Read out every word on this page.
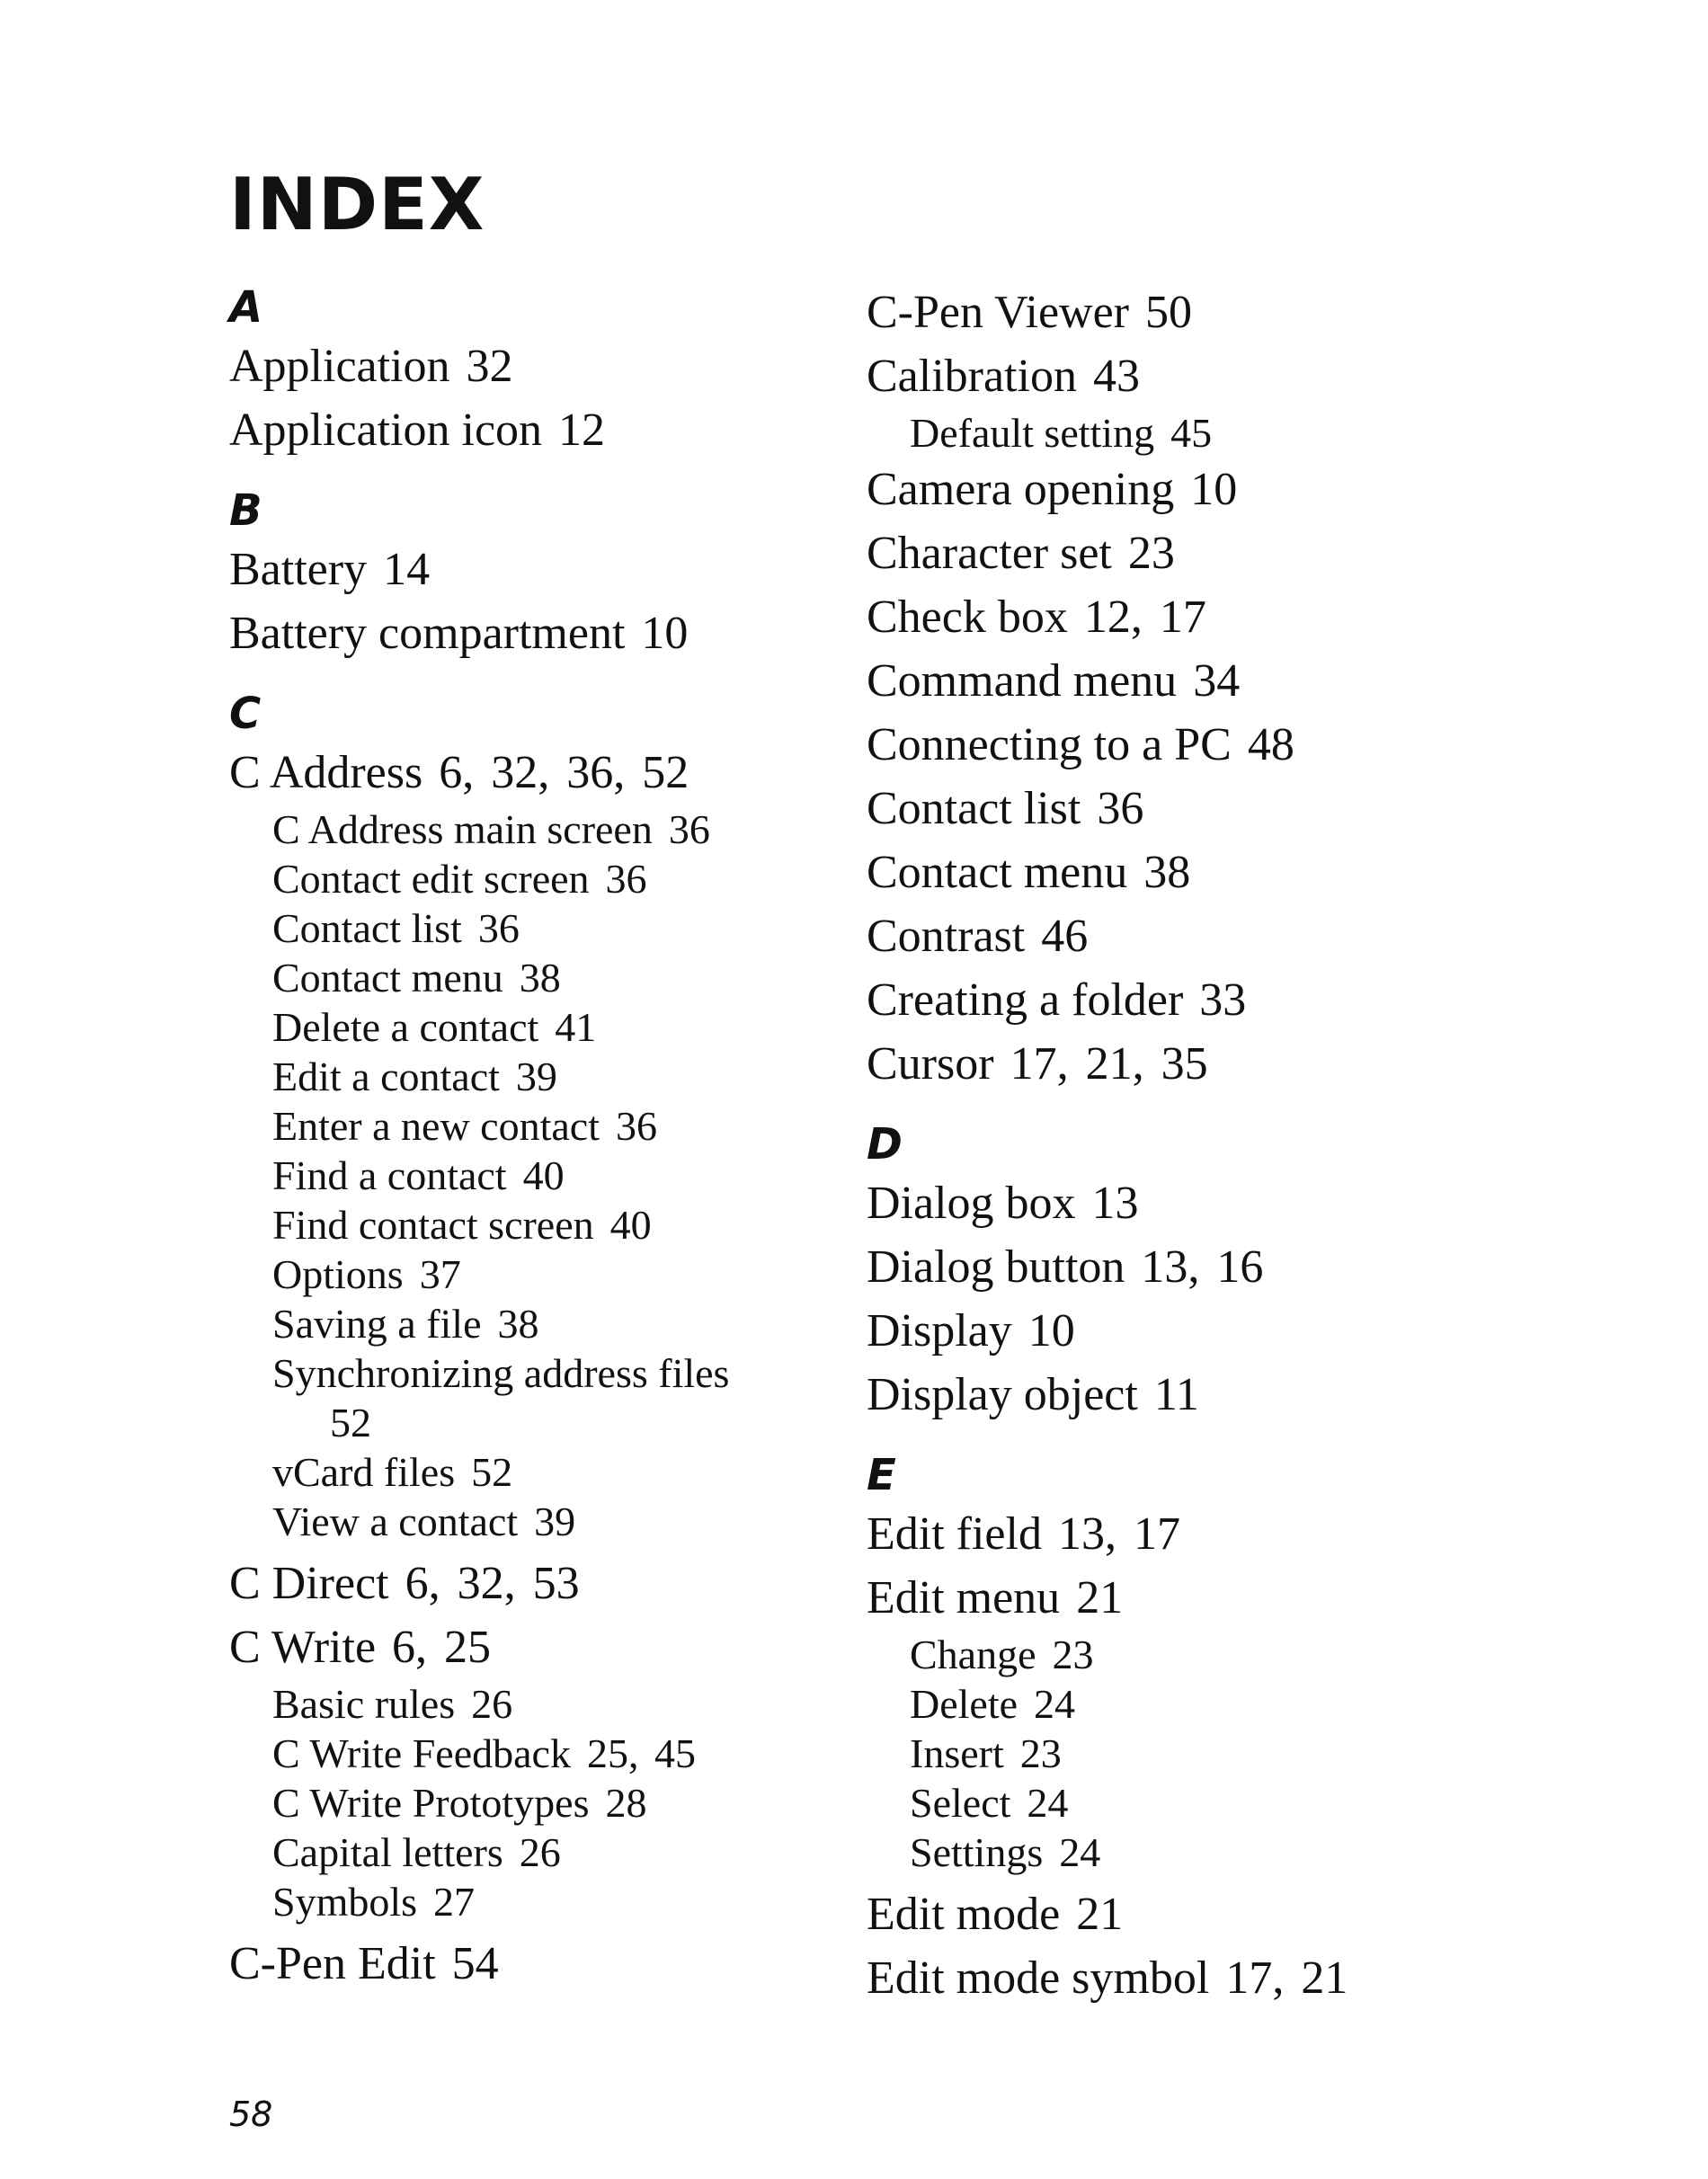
INDEX
A
Application 32
Application icon 12
B
Battery 14
Battery compartment 10
C
C Address 6, 32, 36, 52
C Address main screen 36
Contact edit screen 36
Contact list 36
Contact menu 38
Delete a contact 41
Edit a contact 39
Enter a new contact 36
Find a contact 40
Find contact screen 40
Options 37
Saving a file 38
Synchronizing address files
52
vCard files 52
View a contact 39
C Direct 6, 32, 53
C Write 6, 25
Basic rules 26
C Write Feedback 25, 45
C Write Prototypes 28
Capital letters 26
Symbols 27
C-Pen Edit 54
C-Pen Viewer 50
Calibration 43
Default setting 45
Camera opening 10
Character set 23
Check box 12, 17
Command menu 34
Connecting to a PC 48
Contact list 36
Contact menu 38
Contrast 46
Creating a folder 33
Cursor 17, 21, 35
D
Dialog box 13
Dialog button 13, 16
Display 10
Display object 11
E
Edit field 13, 17
Edit menu 21
Change 23
Delete 24
Insert 23
Select 24
Settings 24
Edit mode 21
Edit mode symbol 17, 21
58
